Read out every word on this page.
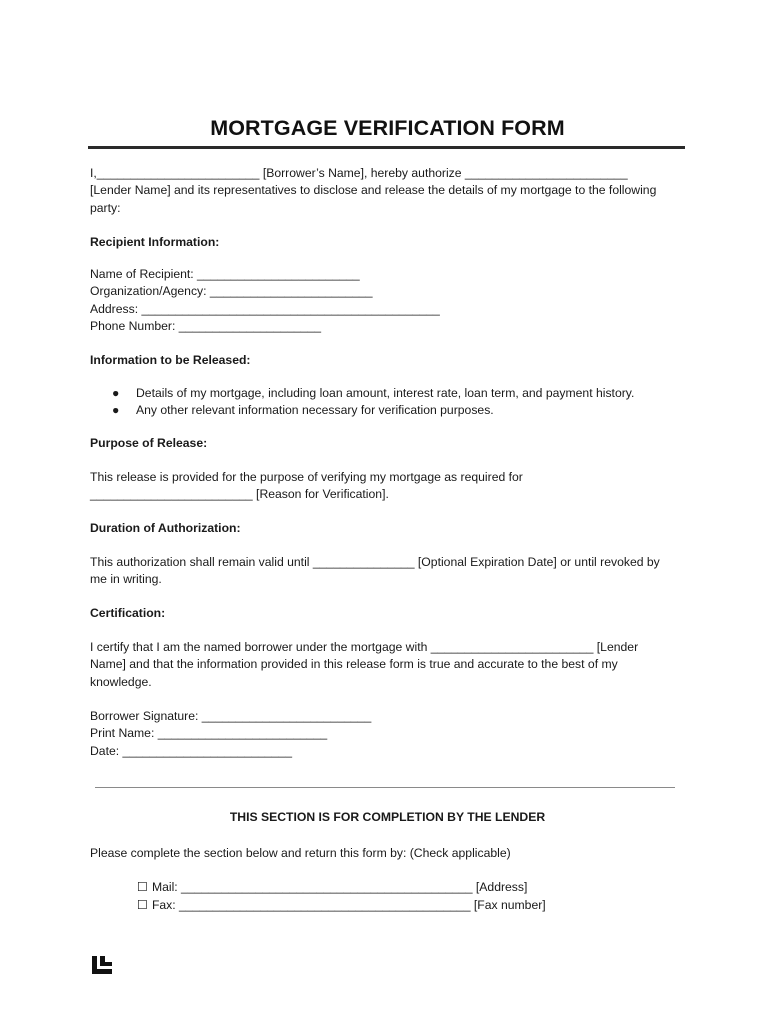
MORTGAGE VERIFICATION FORM
I,________________________ [Borrower’s Name], hereby authorize ________________________
[Lender Name] and its representatives to disclose and release the details of my mortgage to the following
party:
Recipient Information:
Name of Recipient: ________________________
Organization/Agency: ________________________
Address: ____________________________________________
Phone Number: _____________________
Information to be Released:
● Details of my mortgage, including loan amount, interest rate, loan term, and payment history.
● Any other relevant information necessary for verification purposes.
Purpose of Release:
This release is provided for the purpose of verifying my mortgage as required for
________________________ [Reason for Verification].
Duration of Authorization:
This authorization shall remain valid until _______________ [Optional Expiration Date] or until revoked by
me in writing.
Certification:
I certify that I am the named borrower under the mortgage with ________________________ [Lender
Name] and that the information provided in this release form is true and accurate to the best of my
knowledge.
Borrower Signature: _________________________
Print Name: _________________________
Date: _________________________
THIS SECTION IS FOR COMPLETION BY THE LENDER
Please complete the section below and return this form by: (Check applicable)
☐ Mail: ___________________________________________ [Address]
☐ Fax: ___________________________________________ [Fax number]
